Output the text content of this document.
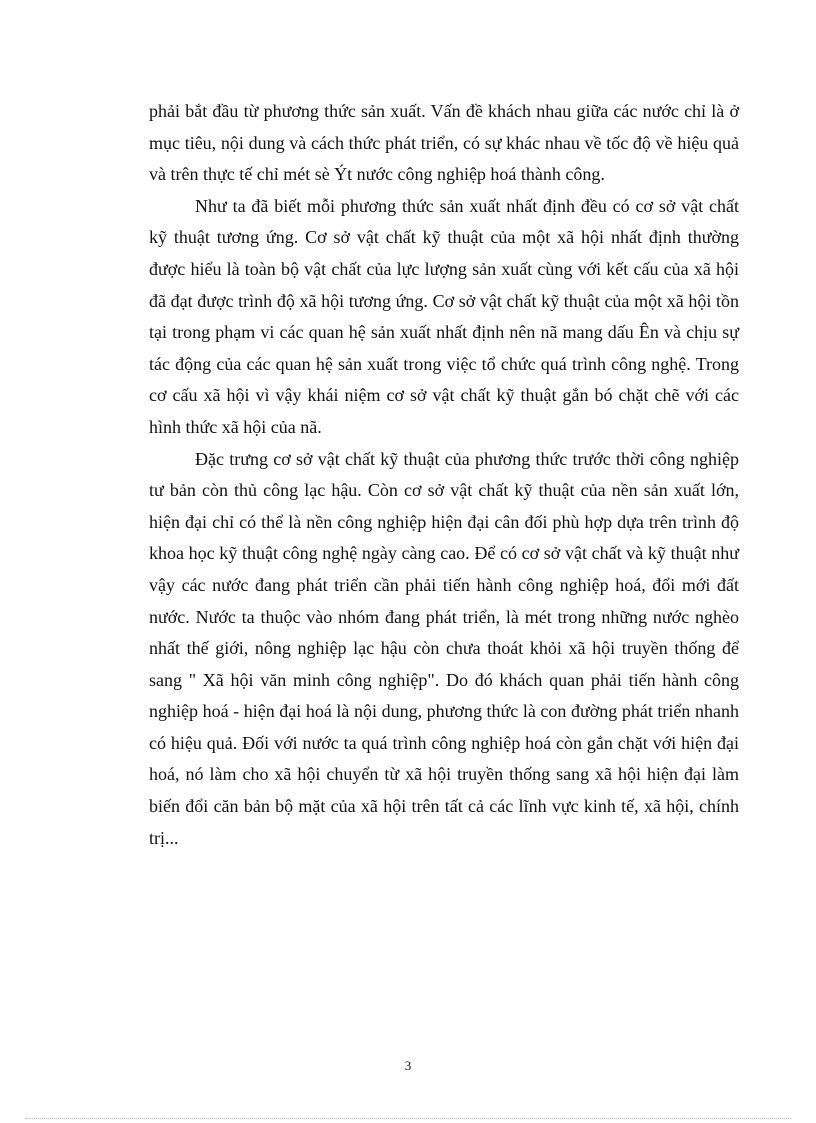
phải bắt đầu từ phương thức sản xuất. Vấn đề khách nhau giữa các nước chỉ là ở mục tiêu, nội dung và cách thức phát triển, có sự khác nhau về tốc độ về hiệu quả và trên thực tế chỉ mét sè Ýt nước công nghiệp hoá thành công.

Như ta đã biết mỗi phương thức sản xuất nhất định đều có cơ sở vật chất kỹ thuật tương ứng. Cơ sở vật chất kỹ thuật của một xã hội nhất định thường được hiểu là toàn bộ vật chất của lực lượng sản xuất cùng với kết cấu của xã hội đã đạt được trình độ xã hội tương ứng. Cơ sở vật chất kỹ thuật của một xã hội tồn tại trong phạm vi các quan hệ sản xuất nhất định nên nã mang dấu Ên và chịu sự tác động của các quan hệ sản xuất trong việc tổ chức quá trình công nghệ. Trong cơ cấu xã hội vì vậy khái niệm cơ sở vật chất kỹ thuật gắn bó chặt chẽ với các hình thức xã hội của nã.

Đặc trưng cơ sở vật chất kỹ thuật của phương thức trước thời công nghiệp tư bản còn thủ công lạc hậu. Còn cơ sở vật chất kỹ thuật của nền sản xuất lớn, hiện đại chỉ có thể là nền công nghiệp hiện đại cân đối phù hợp dựa trên trình độ khoa học kỹ thuật công nghệ ngày càng cao. Để có cơ sở vật chất và kỹ thuật như vậy các nước đang phát triển cần phải tiến hành công nghiệp hoá, đổi mới đất nước. Nước ta thuộc vào nhóm đang phát triển, là mét trong những nước nghèo nhất thế giới, nông nghiệp lạc hậu còn chưa thoát khỏi xã hội truyền thống để sang " Xã hội văn minh công nghiệp". Do đó khách quan phải tiến hành công nghiệp hoá - hiện đại hoá là nội dung, phương thức là con đường phát triển nhanh có hiệu quả. Đối với nước ta quá trình công nghiệp hoá còn gắn chặt với hiện đại hoá, nó làm cho xã hội chuyển từ xã hội truyền thống sang xã hội hiện đại làm biến đổi căn bản bộ mặt của xã hội trên tất cả các lĩnh vực kinh tế, xã hội, chính trị...

3
